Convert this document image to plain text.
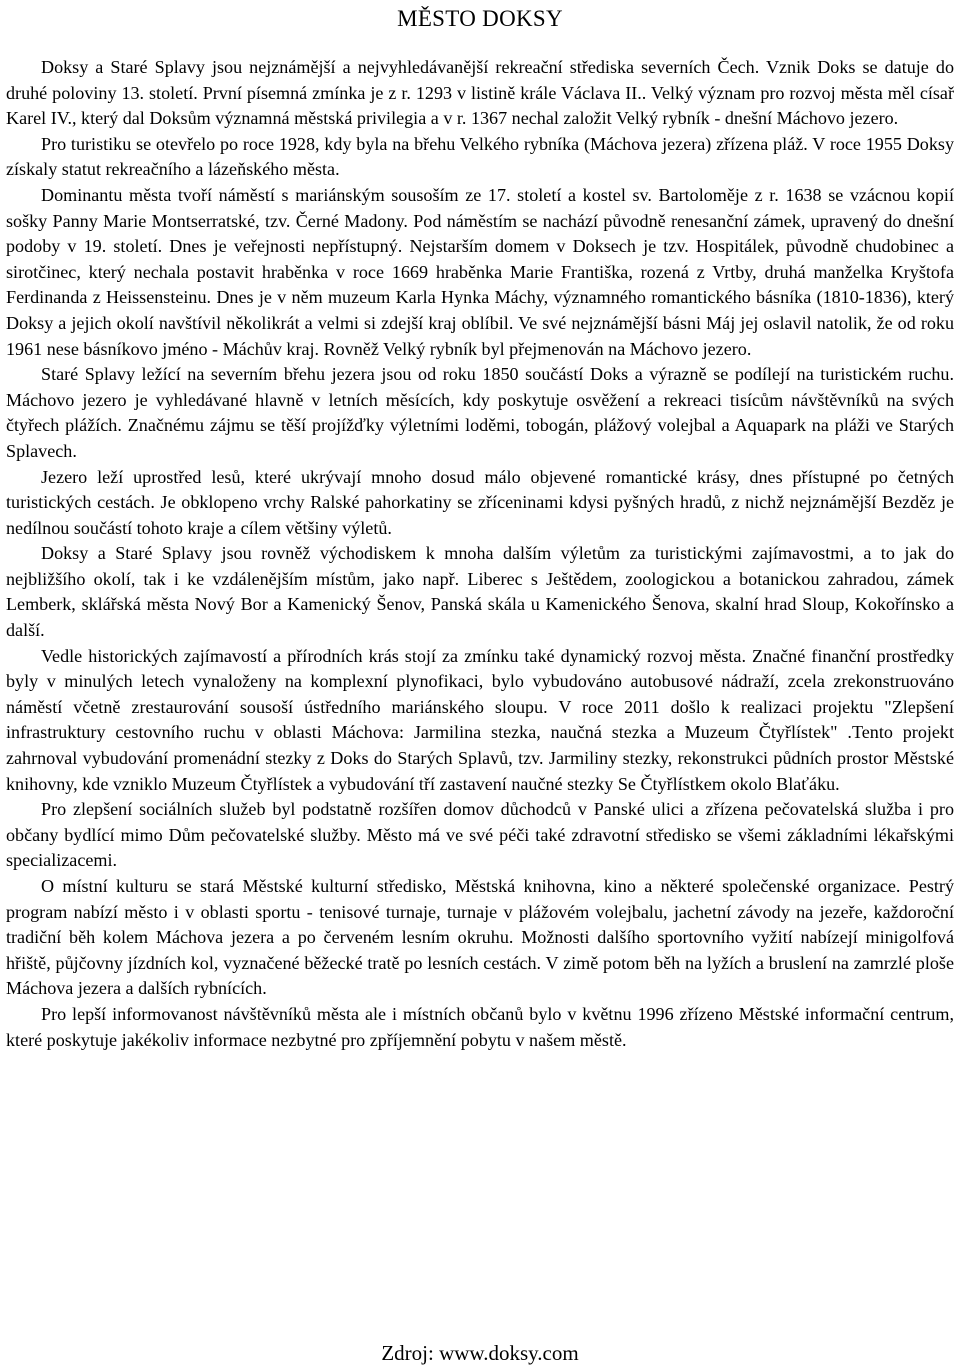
MĚSTO DOKSY

Doksy a Staré Splavy jsou nejznámější a nejvyhledávanější rekreační střediska severních Čech. Vznik Doks se datuje do druhé poloviny 13. století. První písemná zmínka je z r. 1293 v listině krále Václava II.. Velký význam pro rozvoj města měl císař Karel IV., který dal Doksům významná městská privilegia a v r. 1367 nechal založit Velký rybník - dnešní Máchovo jezero.

Pro turistiku se otevřelo po roce 1928, kdy byla na břehu Velkého rybníka (Máchova jezera) zřízena pláž. V roce 1955 Doksy získaly statut rekreačního a lázeňského města.

Dominantu města tvoří náměstí s mariánským sousoším ze 17. století a kostel sv. Bartoloměje z r. 1638 se vzácnou kopií sošky Panny Marie Montserratské, tzv. Černé Madony. Pod náměstím se nachází původně renesanční zámek, upravený do dnešní podoby v 19. století. Dnes je veřejnosti nepřístupný. Nejstarším domem v Doksech je tzv. Hospitálek, původně chudobinec a sirotčinec, který nechala postavit hraběnka v roce 1669 hraběnka Marie Františka, rozená z Vrtby, druhá manželka Kryštofa Ferdinanda z Heissensteinu. Dnes je v něm muzeum Karla Hynka Máchy, významného romantického básníka (1810-1836), který Doksy a jejich okolí navštívil několikrát a velmi si zdejší kraj oblíbil. Ve své nejznámější básni Máj jej oslavil natolik, že od roku 1961 nese básníkovo jméno - Máchův kraj. Rovněž Velký rybník byl přejmenován na Máchovo jezero.

Staré Splavy ležící na severním břehu jezera jsou od roku 1850 součástí Doks a výrazně se podílejí na turistickém ruchu. Máchovo jezero je vyhledávané hlavně v letních měsících, kdy poskytuje osvěžení a rekreaci tisícům návštěvníků na svých čtyřech plážích. Značnému zájmu se těší projížďky výletními loděmi, tobogán, plážový volejbal a Aquapark na pláži ve Starých Splavech.

Jezero leží uprostřed lesů, které ukrývají mnoho dosud málo objevené romantické krásy, dnes přístupné po četných turistických cestách. Je obklopeno vrchy Ralské pahorkatiny se zříceninami kdysi pyšných hradů, z nichž nejznámější Bezděz je nedílnou součástí tohoto kraje a cílem většiny výletů.

Doksy a Staré Splavy jsou rovněž východiskem k mnoha dalším výletům za turistickými zajímavostmi, a to jak do nejbližšího okolí, tak i ke vzdálenějším místům, jako např. Liberec s Ještědem, zoologickou a botanickou zahradou, zámek Lemberk, sklářská města Nový Bor a Kamenický Šenov, Panská skála u Kamenického Šenova, skalní hrad Sloup, Kokořínsko a další.

Vedle historických zajímavostí a přírodních krás stojí za zmínku také dynamický rozvoj města. Značné finanční prostředky byly v minulých letech vynaloženy na komplexní plynofikaci, bylo vybudováno autobusové nádraží, zcela zrekonstruováno náměstí včetně zrestaurování sousoší ústředního mariánského sloupu. V roce 2011 došlo k realizaci projektu "Zlepšení infrastruktury cestovního ruchu v oblasti Máchova: Jarmilina stezka, naučná stezka a Muzeum Čtyřlístek" .Tento projekt zahrnoval vybudování promenádní stezky z Doks do Starých Splavů, tzv. Jarmiliny stezky, rekonstrukci půdních prostor Městské knihovny, kde vzniklo Muzeum Čtyřlístek a vybudování tří zastavení naučné stezky Se Čtyřlístkem okolo Blaťáku.

Pro zlepšení sociálních služeb byl podstatně rozšířen domov důchodců v Panské ulici a zřízena pečovatelská služba i pro občany bydlící mimo Dům pečovatelské služby. Město má ve své péči také zdravotní středisko se všemi základními lékařskými specializacemi.

O místní kulturu se stará Městské kulturní středisko, Městská knihovna, kino a některé společenské organizace. Pestrý program nabízí město i v oblasti sportu - tenisové turnaje, turnaje v plážovém volejbalu, jachetní závody na jezeře, každoroční tradiční běh kolem Máchova jezera a po červeném lesním okruhu. Možnosti dalšího sportovního vyžití nabízejí minigolfová hřiště, půjčovny jízdních kol, vyznačené běžecké tratě po lesních cestách. V zimě potom běh na lyžích a bruslení na zamrzlé ploše Máchova jezera a dalších rybnících.

Pro lepší informovanost návštěvníků města ale i místních občanů bylo v květnu 1996 zřízeno Městské informační centrum, které poskytuje jakékoliv informace nezbytné pro zpříjemnění pobytu v našem městě.

Zdroj: www.doksy.com
